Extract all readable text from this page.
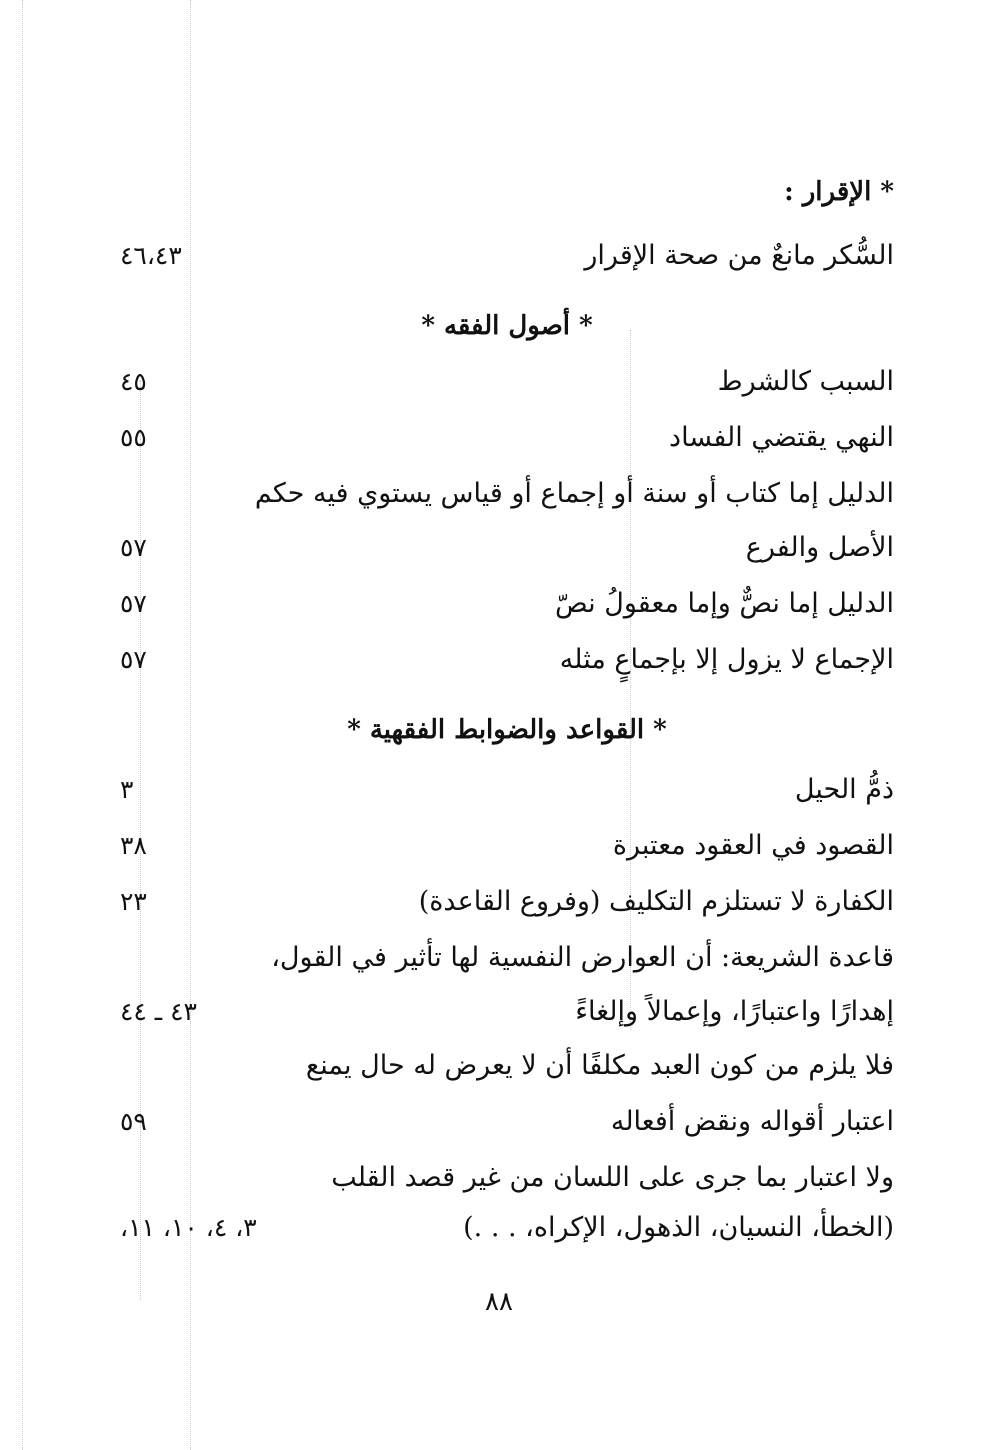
* الإقرار :
السُّكر مانعٌ من صحة الإقرار
٤٦،٤٣
* أصول الفقه *
السبب كالشرط
٤٥
النهي يقتضي الفساد
٥٥
الدليل إما كتاب أو سنة أو إجماع أو قياس يستوي فيه حكم
الأصل والفرع
٥٧
الدليل إما نصٌّ وإما معقولُ نصّ
٥٧
الإجماع لا يزول إلا بإجماعٍ مثله
٥٧
* القواعد والضوابط الفقهية *
ذمُّ الحيل
٣
القصود في العقود معتبرة
٣٨
الكفارة لا تستلزم التكليف (وفروع القاعدة)
٢٣
قاعدة الشريعة: أن العوارض النفسية لها تأثير في القول،
إهدارًا واعتبارًا، وإعمالاً وإلغاءً
٤٣ ـ ٤٤
فلا يلزم من كون العبد مكلفًا أن لا يعرض له حال يمنع
اعتبار أقواله ونقض أفعاله
٥٩
ولا اعتبار بما جرى على اللسان من غير قصد القلب
(الخطأ، النسيان، الذهول، الإكراه، . . .)
٣، ٤، ١٠، ١١،
٨٨
